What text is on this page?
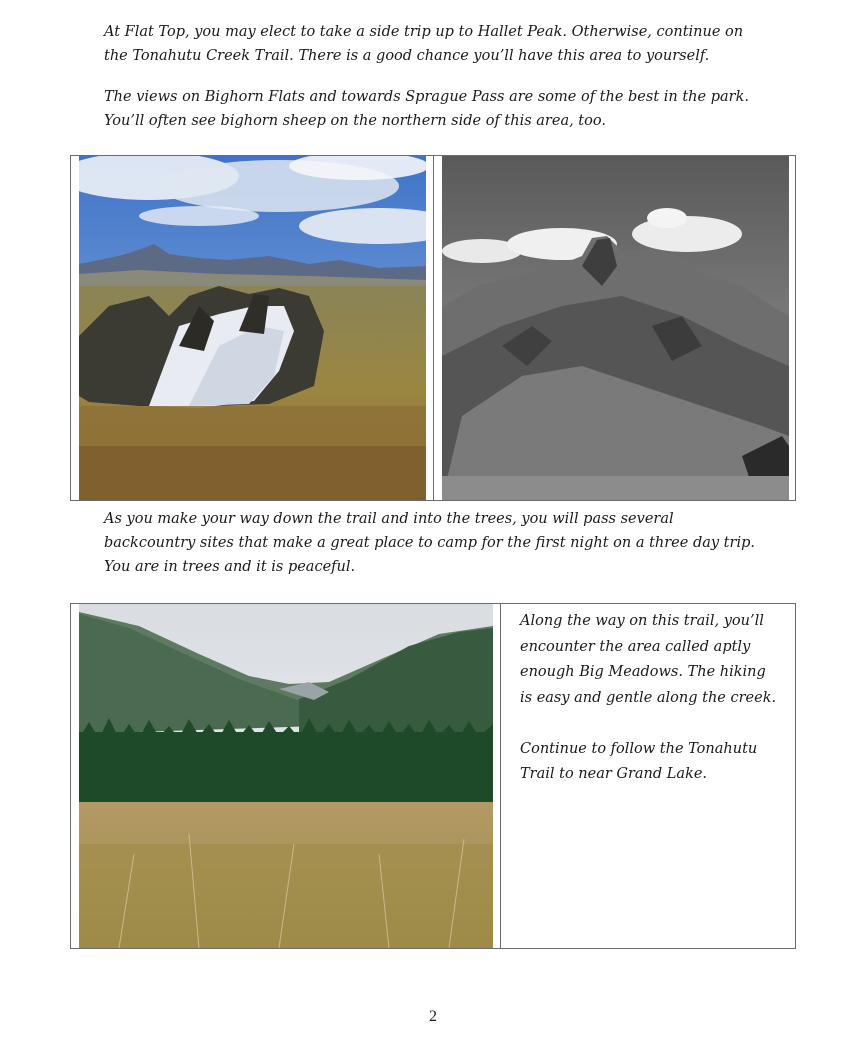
At Flat Top, you may elect to take a side trip up to Hallet Peak. Otherwise, continue on the Tonahutu Creek Trail. There is a good chance you’ll have this area to yourself.

The views on Bighorn Flats and towards Sprague Pass are some of the best in the park. You’ll often see bighorn sheep on the northern side of this area, too.

As you make your way down the trail and into the trees, you will pass several backcountry sites that make a great place to camp for the first night on a three day trip. You are in trees and it is peaceful.

Along the way on this trail, you’ll encounter the area called aptly enough Big Meadows. The hiking is easy and gentle along the creek.

Continue to follow the Tonahutu Trail to near Grand Lake.

2
